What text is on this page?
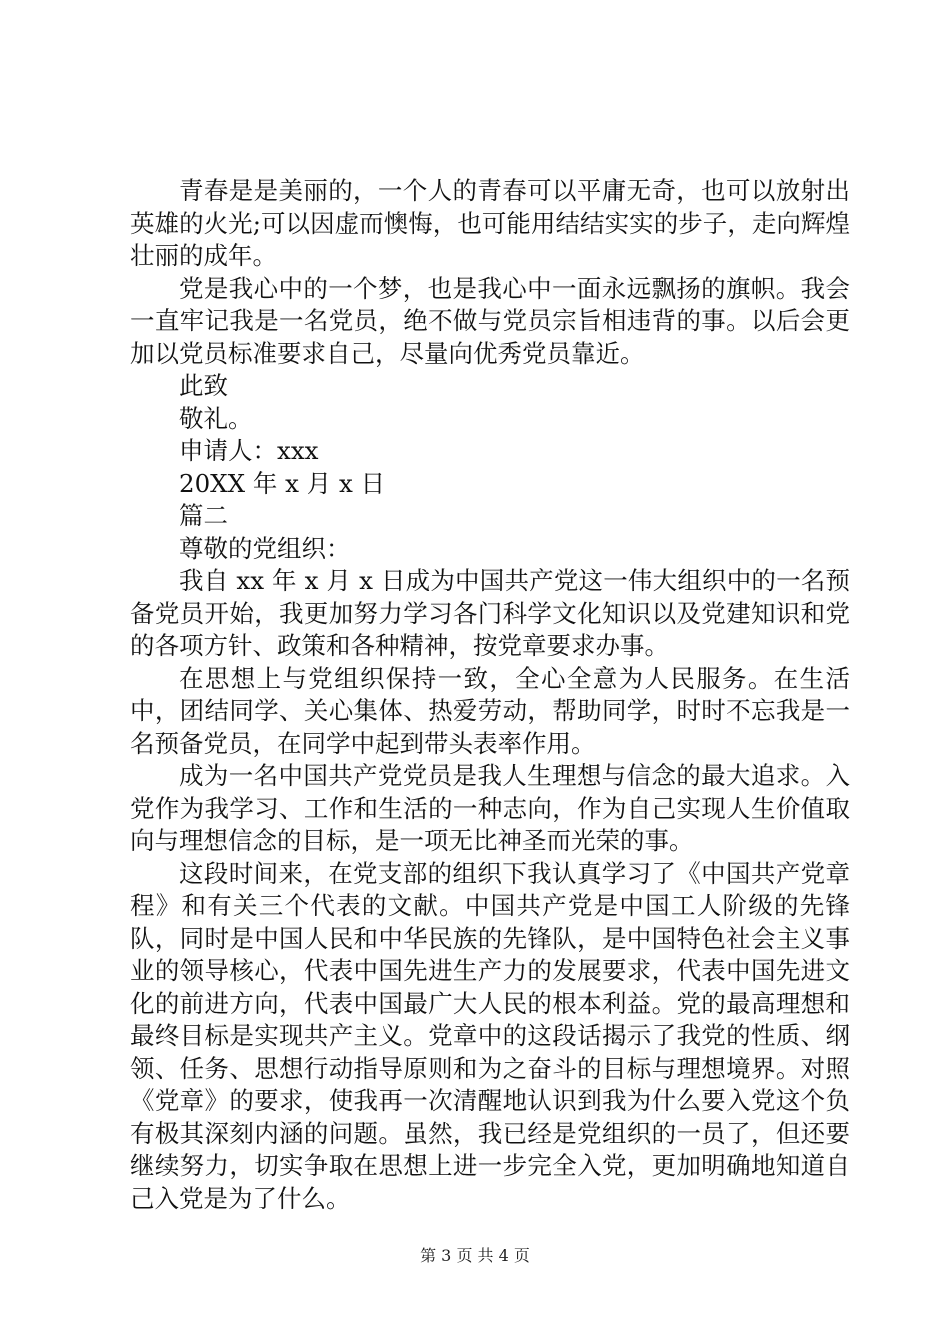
青春是是美丽的，一个人的青春可以平庸无奇，也可以放射出英雄的火光;可以因虚而懊悔，也可能用结结实实的步子，走向辉煌壮丽的成年。

党是我心中的一个梦，也是我心中一面永远飘扬的旗帜。我会一直牢记我是一名党员，绝不做与党员宗旨相违背的事。以后会更加以党员标准要求自己，尽量向优秀党员靠近。

此致

敬礼。

申请人：xxx

20XX 年 x 月 x 日

篇二

尊敬的党组织：

我自 xx 年 x 月 x 日成为中国共产党这一伟大组织中的一名预备党员开始，我更加努力学习各门科学文化知识以及党建知识和党的各项方针、政策和各种精神，按党章要求办事。

在思想上与党组织保持一致，全心全意为人民服务。在生活中，团结同学、关心集体、热爱劳动，帮助同学，时时不忘我是一名预备党员，在同学中起到带头表率作用。

成为一名中国共产党党员是我人生理想与信念的最大追求。入党作为我学习、工作和生活的一种志向，作为自己实现人生价值取向与理想信念的目标，是一项无比神圣而光荣的事。

这段时间来，在党支部的组织下我认真学习了《中国共产党章程》和有关三个代表的文献。中国共产党是中国工人阶级的先锋队，同时是中国人民和中华民族的先锋队，是中国特色社会主义事业的领导核心，代表中国先进生产力的发展要求，代表中国先进文化的前进方向，代表中国最广大人民的根本利益。党的最高理想和最终目标是实现共产主义。党章中的这段话揭示了我党的性质、纲领、任务、思想行动指导原则和为之奋斗的目标与理想境界。对照《党章》的要求，使我再一次清醒地认识到我为什么要入党这个负有极其深刻内涵的问题。虽然，我已经是党组织的一员了，但还要继续努力，切实争取在思想上进一步完全入党，更加明确地知道自己入党是为了什么。

第 3 页 共 4 页
